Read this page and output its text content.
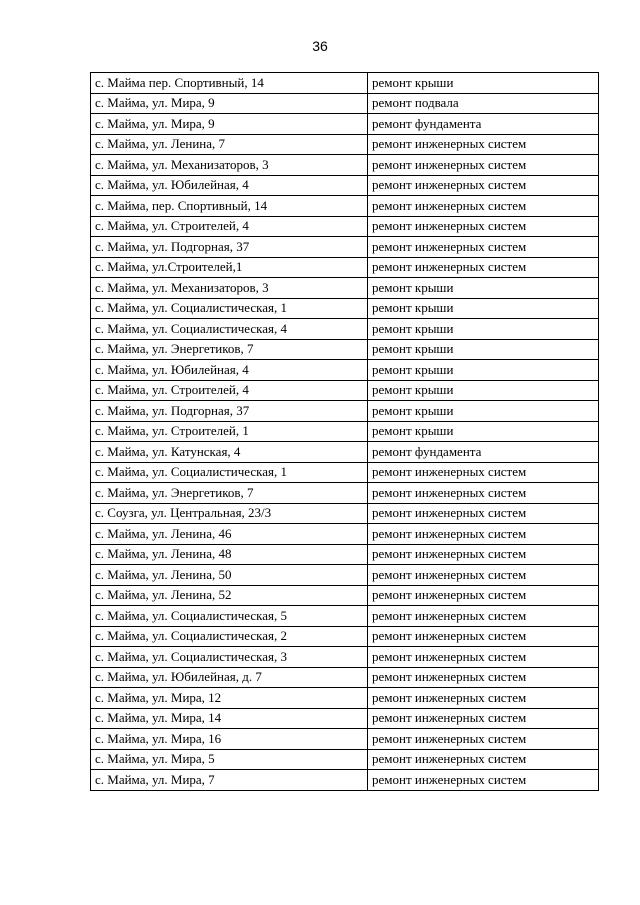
36
с. Майма пер. Спортивный, 14	ремонт крыши
с. Майма, ул. Мира, 9	ремонт подвала
с. Майма, ул. Мира, 9	ремонт фундамента
с. Майма, ул. Ленина, 7	ремонт инженерных систем
с. Майма, ул. Механизаторов, 3	ремонт инженерных систем
с. Майма, ул. Юбилейная, 4	ремонт инженерных систем
с. Майма, пер. Спортивный, 14	ремонт инженерных систем
с. Майма, ул. Строителей, 4	ремонт инженерных систем
с. Майма, ул. Подгорная, 37	ремонт инженерных систем
с. Майма, ул.Строителей,1	ремонт инженерных систем
с. Майма, ул. Механизаторов, 3	ремонт крыши
с. Майма, ул. Социалистическая, 1	ремонт крыши
с. Майма, ул. Социалистическая, 4	ремонт крыши
с. Майма, ул. Энергетиков, 7	ремонт крыши
с. Майма, ул. Юбилейная, 4	ремонт крыши
с. Майма, ул. Строителей, 4	ремонт крыши
с. Майма, ул. Подгорная, 37	ремонт крыши
с. Майма, ул. Строителей, 1	ремонт крыши
с. Майма, ул. Катунская, 4	ремонт фундамента
с. Майма, ул. Социалистическая, 1	ремонт инженерных систем
с. Майма, ул. Энергетиков, 7	ремонт инженерных систем
с. Соузга, ул. Центральная, 23/3	ремонт инженерных систем
с. Майма, ул. Ленина, 46	ремонт инженерных систем
с. Майма, ул. Ленина, 48	ремонт инженерных систем
с. Майма, ул. Ленина, 50	ремонт инженерных систем
с. Майма, ул. Ленина, 52	ремонт инженерных систем
с. Майма, ул. Социалистическая, 5	ремонт инженерных систем
с. Майма, ул. Социалистическая, 2	ремонт инженерных систем
с. Майма, ул. Социалистическая, 3	ремонт инженерных систем
с. Майма, ул. Юбилейная, д. 7	ремонт инженерных систем
с. Майма, ул. Мира, 12	ремонт инженерных систем
с. Майма, ул. Мира, 14	ремонт инженерных систем
с. Майма, ул. Мира, 16	ремонт инженерных систем
с. Майма, ул. Мира, 5	ремонт инженерных систем
с. Майма, ул. Мира, 7	ремонт инженерных систем
